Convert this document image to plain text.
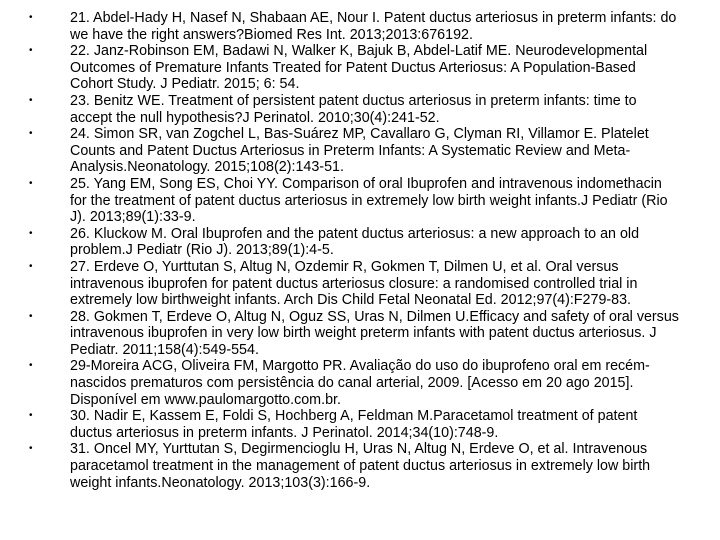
•	21. Abdel-Hady H, Nasef N, Shabaan AE, Nour I. Patent ductus arteriosus in preterm infants: do we have the right answers?Biomed Res Int. 2013;2013:676192.
•	22. Janz-Robinson EM, Badawi N, Walker K, Bajuk B, Abdel-Latif ME. Neurodevelopmental Outcomes of Premature Infants Treated for Patent Ductus Arteriosus: A Population-Based Cohort Study. J Pediatr. 2015; 6: 54.
•	23. Benitz WE. Treatment of persistent patent ductus arteriosus in preterm infants: time to accept the null hypothesis?J Perinatol. 2010;30(4):241-52.
•	24. Simon SR, van Zogchel L, Bas-Suárez MP, Cavallaro G, Clyman RI, Villamor E. Platelet Counts and Patent Ductus Arteriosus in Preterm Infants: A Systematic Review and Meta-Analysis.Neonatology. 2015;108(2):143-51.
•	25. Yang EM, Song ES, Choi YY. Comparison of oral Ibuprofen and intravenous indomethacin for the treatment of patent ductus arteriosus in extremely low birth weight infants.J Pediatr (Rio J). 2013;89(1):33-9.
•	26. Kluckow M. Oral Ibuprofen and the patent ductus arteriosus: a new approach to an old problem.J Pediatr (Rio J). 2013;89(1):4-5.
•	27. Erdeve O, Yurttutan S, Altug N, Ozdemir R, Gokmen T, Dilmen U, et al. Oral versus intravenous ibuprofen for patent ductus arteriosus closure: a randomised controlled trial in extremely low birthweight infants. Arch Dis Child Fetal Neonatal Ed. 2012;97(4):F279-83.
•	28. Gokmen T, Erdeve O, Altug N, Oguz SS, Uras N, Dilmen U.Efficacy and safety of oral versus intravenous ibuprofen in very low birth weight preterm infants with patent ductus arteriosus. J Pediatr. 2011;158(4):549-554.
•	29-Moreira ACG, Oliveira FM, Margotto PR. Avaliação do uso do ibuprofeno oral em recém-nascidos prematuros com persistência do canal arterial, 2009. [Acesso em 20 ago 2015]. Disponível em www.paulomargotto.com.br.
•	30. Nadir E, Kassem E, Foldi S, Hochberg A, Feldman M.Paracetamol treatment of patent ductus arteriosus in preterm infants. J Perinatol. 2014;34(10):748-9.
•	31. Oncel MY, Yurttutan S, Degirmencioglu H, Uras N, Altug N, Erdeve O, et al. Intravenous paracetamol treatment in the management of patent ductus arteriosus in extremely low birth weight infants.Neonatology. 2013;103(3):166-9.
